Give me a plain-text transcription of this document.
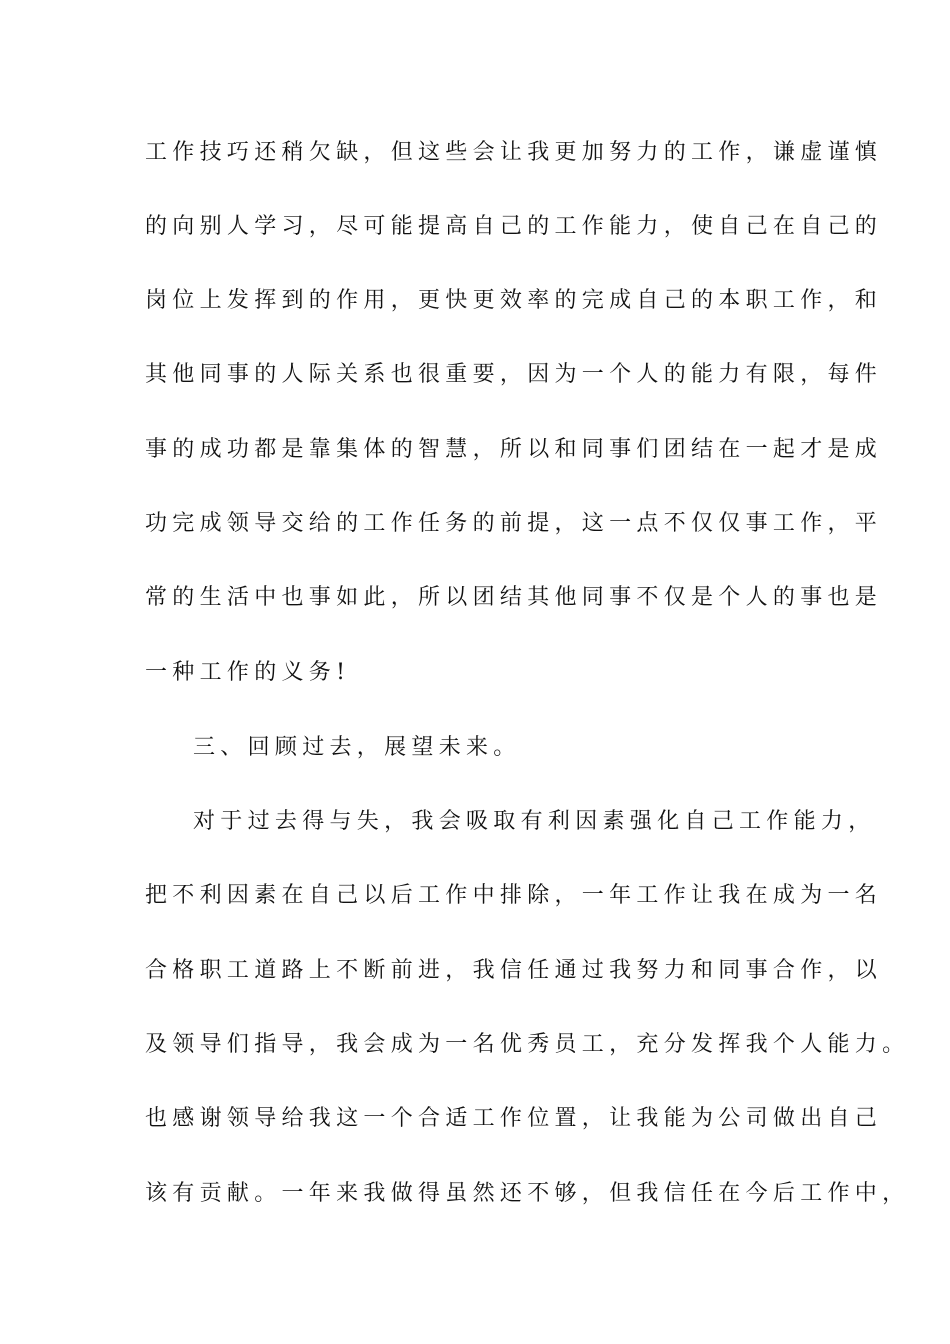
工作技巧还稍欠缺，但这些会让我更加努力的工作，谦虚谨慎
的向别人学习，尽可能提高自己的工作能力，使自己在自己的
岗位上发挥到的作用，更快更效率的完成自己的本职工作，和
其他同事的人际关系也很重要，因为一个人的能力有限，每件
事的成功都是靠集体的智慧，所以和同事们团结在一起才是成
功完成领导交给的工作任务的前提，这一点不仅仅事工作，平
常的生活中也事如此，所以团结其他同事不仅是个人的事也是
一种工作的义务!
三、回顾过去，展望未来。
对于过去得与失，我会吸取有利因素强化自己工作能力，
把不利因素在自己以后工作中排除，一年工作让我在成为一名
合格职工道路上不断前进，我信任通过我努力和同事合作，以
及领导们指导，我会成为一名优秀员工，充分发挥我个人能力。
也感谢领导给我这一个合适工作位置，让我能为公司做出自己
该有贡献。一年来我做得虽然还不够，但我信任在今后工作中，
